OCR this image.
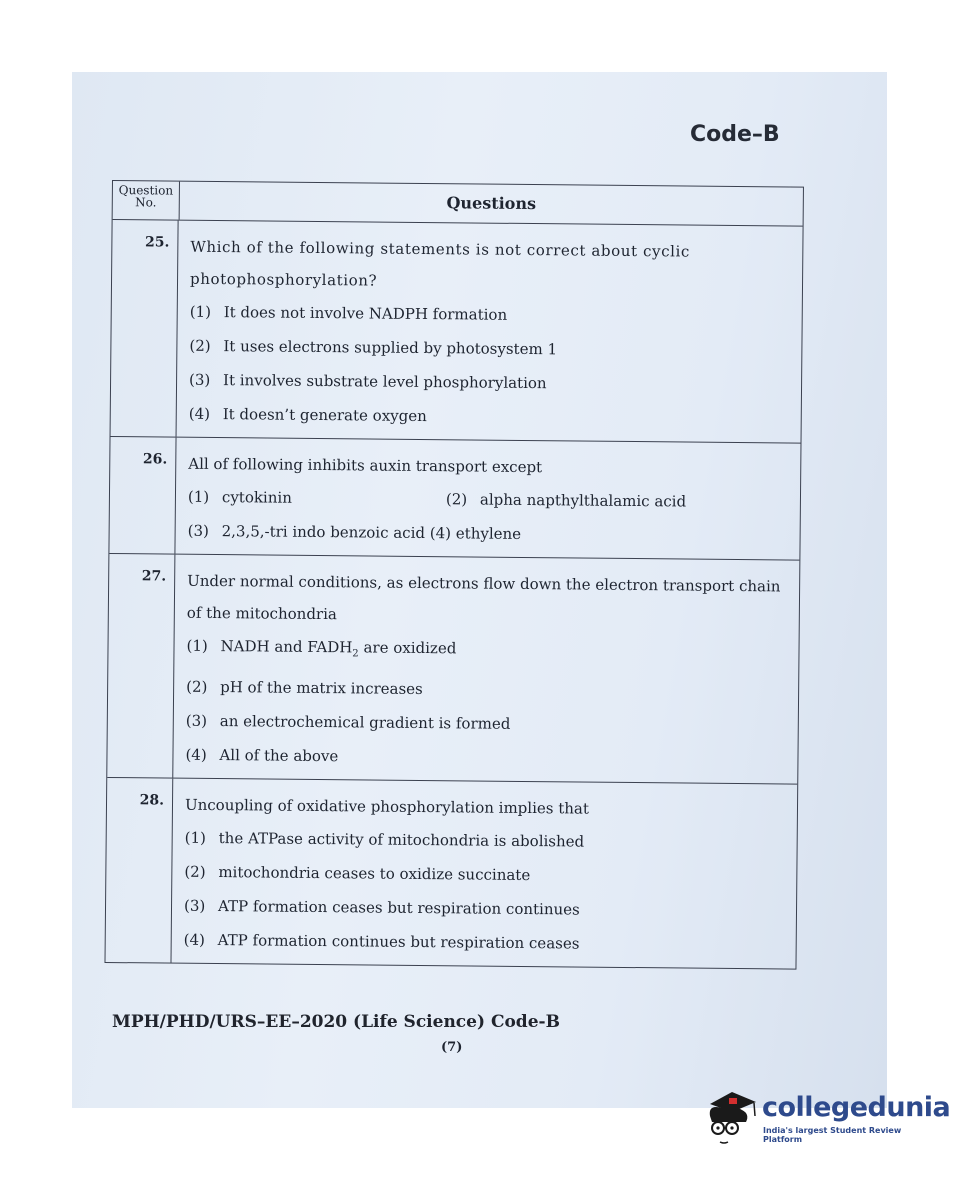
Code–B
Question No.	Questions
25.	Which of the following statements is not correct about cyclic photophosphorylation?
(1) It does not involve NADPH formation
(2) It uses electrons supplied by photosystem 1
(3) It involves substrate level phosphorylation
(4) It doesn’t generate oxygen
26.	All of following inhibits auxin transport except
(1) cytokinin	(2) alpha napthylthalamic acid
(3) 2,3,5,-tri indo benzoic acid (4) ethylene
27.	Under normal conditions, as electrons flow down the electron transport chain of the mitochondria
(1) NADH and $FADH_2$ are oxidized
(2) pH of the matrix increases
(3) an electrochemical gradient is formed
(4) All of the above
28.	Uncoupling of oxidative phosphorylation implies that
(1) the ATPase activity of mitochondria is abolished
(2) mitochondria ceases to oxidize succinate
(3) ATP formation ceases but respiration continues
(4) ATP formation continues but respiration ceases
MPH/PHD/URS–EE–2020 (Life Science) Code-B
(7)
collegedunia
India's largest Student Review Platform
